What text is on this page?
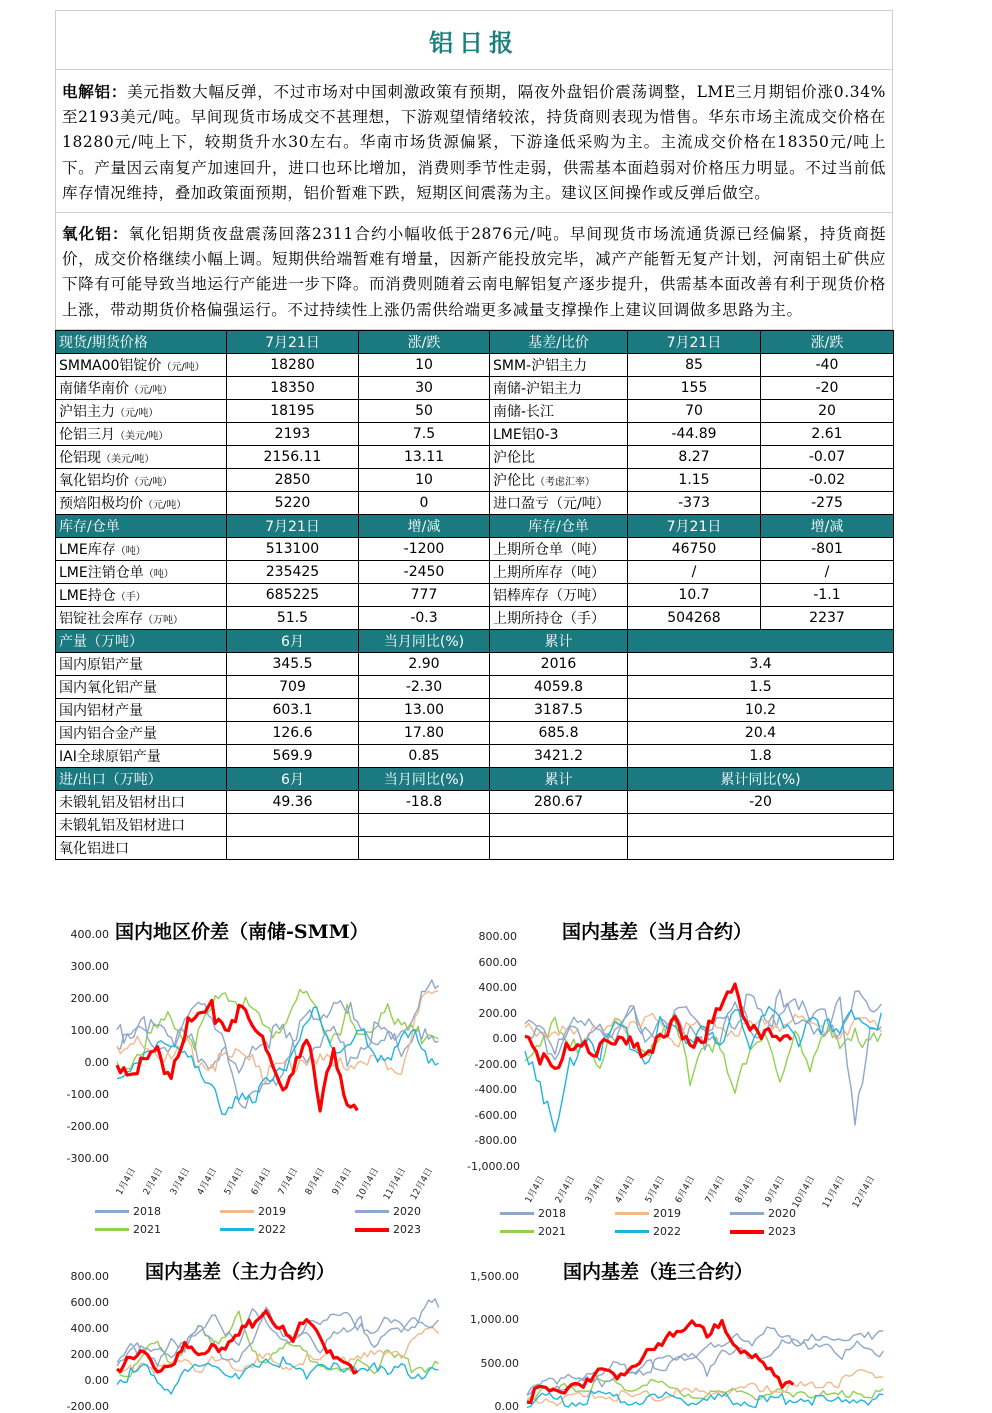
铝日报
电解铝：美元指数大幅反弹，不过市场对中国刺激政策有预期，隔夜外盘铝价震荡调整，LME三月期铝价涨0.34%至2193美元/吨。早间现货市场成交不甚理想，下游观望情绪较浓，持货商则表现为惜售。华东市场主流成交价格在18280元/吨上下，较期货升水30左右。华南市场货源偏紧，下游逢低采购为主。主流成交价格在18350元/吨上下。产量因云南复产加速回升，进口也环比增加，消费则季节性走弱，供需基本面趋弱对价格压力明显。不过当前低库存情况维持，叠加政策面预期，铝价暂难下跌，短期区间震荡为主。建议区间操作或反弹后做空。
氧化铝：氧化铝期货夜盘震荡回落2311合约小幅收低于2876元/吨。早间现货市场流通货源已经偏紧，持货商挺价，成交价格继续小幅上调。短期供给端暂难有增量，因新产能投放完毕，减产产能暂无复产计划，河南铝土矿供应下降有可能导致当地运行产能进一步下降。而消费则随着云南电解铝复产逐步提升，供需基本面改善有利于现货价格上涨，带动期货价格偏强运行。不过持续性上涨仍需供给端更多减量支撑操作上建议回调做多思路为主。
现货/期货价格	7月21日	涨/跌	基差/比价	7月21日	涨/跌
SMMA00铝锭价（元/吨）	18280	10	SMM-沪铝主力	85	-40
南储华南价（元/吨）	18350	30	南储-沪铝主力	155	-20
沪铝主力（元/吨）	18195	50	南储-长江	70	20
伦铝三月（美元/吨）	2193	7.5	LME铝0-3	-44.89	2.61
伦铝现（美元/吨）	2156.11	13.11	沪伦比	8.27	-0.07
氧化铝均价（元/吨）	2850	10	沪伦比（考虑汇率）	1.15	-0.02
预焙阳极均价（元/吨）	5220	0	进口盈亏（元/吨）	-373	-275
库存/仓单	7月21日	增/减	库存/仓单	7月21日	增/减
LME库存（吨）	513100	-1200	上期所仓单（吨）	46750	-801
LME注销仓单（吨）	235425	-2450	上期所库存（吨）	/	/
LME持仓（手）	685225	777	铝棒库存（万吨）	10.7	-1.1
铝锭社会库存（万吨）	51.5	-0.3	上期所持仓（手）	504268	2237
产量（万吨）	6月	当月同比(%)	累计		
国内原铝产量	345.5	2.90	2016	3.4	
国内氧化铝产量	709	-2.30	4059.8	1.5	
国内铝材产量	603.1	13.00	3187.5	10.2	
国内铝合金产量	126.6	17.80	685.8	20.4	
IAI全球原铝产量	569.9	0.85	3421.2	1.8	
进/出口（万吨）	6月	当月同比(%)	累计	累计同比(%)	
未锻轧铝及铝材出口	49.36	-18.8	280.67	-20	
未锻轧铝及铝材进口					
氧化铝进口					
国内地区价差（南储-SMM）
400.00
300.00
200.00
100.00
0.00
-100.00
-200.00
-300.00
1月4日 2月4日 3月4日 4月4日 5月4日 6月4日 7月4日 8月4日 9月4日 10月4日 11月4日 12月4日
2018	2019	2020
2021	2022	2023
国内基差（当月合约）
800.00
600.00
400.00
200.00
0.00
-200.00
-400.00
-600.00
-800.00
-1,000.00
1月4日 2月4日 3月4日 4月4日 5月4日 6月4日 7月4日 8月4日 9月4日 10月4日 11月4日 12月4日
2018	2019	2020
2021	2022	2023
国内基差（主力合约）
800.00
600.00
400.00
200.00
0.00
-200.00
国内基差（连三合约）
1,500.00
1,000.00
500.00
0.00
